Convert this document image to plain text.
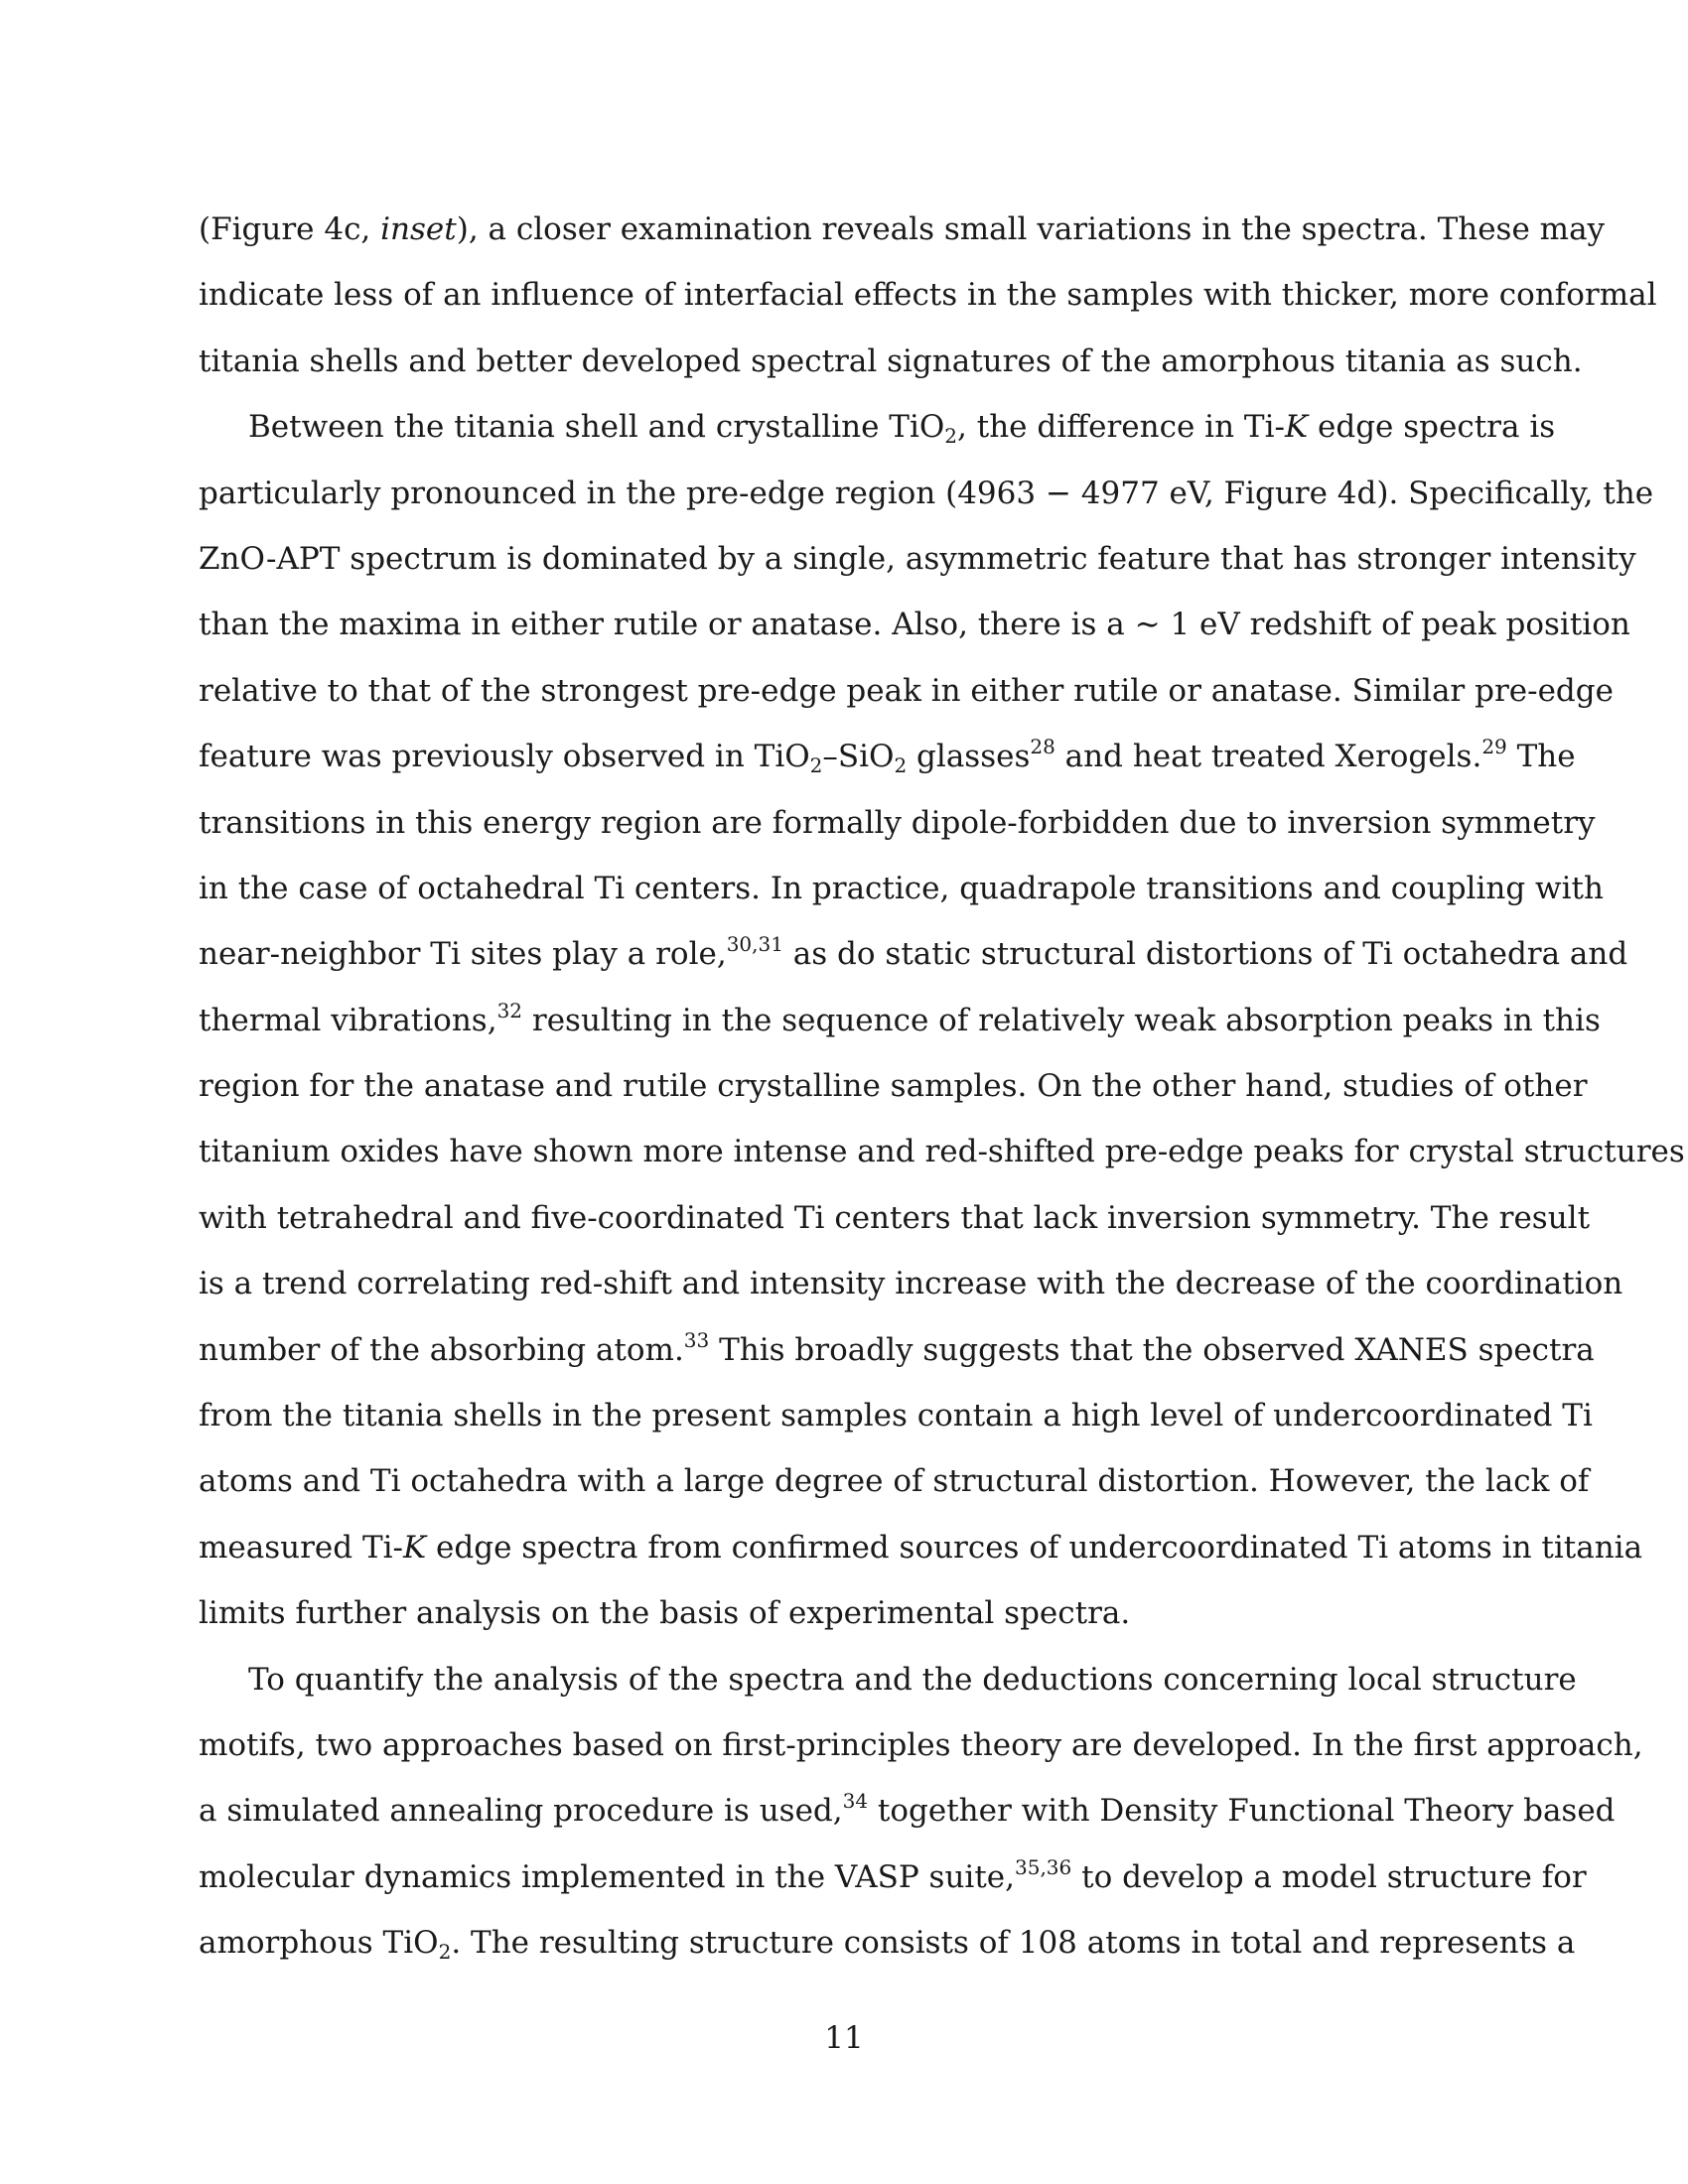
(Figure 4c, inset), a closer examination reveals small variations in the spectra. These may
indicate less of an influence of interfacial effects in the samples with thicker, more conformal
titania shells and better developed spectral signatures of the amorphous titania as such.
Between the titania shell and crystalline TiO$_2$, the difference in Ti-K edge spectra is
particularly pronounced in the pre-edge region (4963 − 4977 eV, Figure 4d). Specifically, the
ZnO-APT spectrum is dominated by a single, asymmetric feature that has stronger intensity
than the maxima in either rutile or anatase. Also, there is a ∼ 1 eV redshift of peak position
relative to that of the strongest pre-edge peak in either rutile or anatase. Similar pre-edge
feature was previously observed in TiO$_2$–SiO$_2$ glasses$^{28}$ and heat treated Xerogels.$^{29}$ The
transitions in this energy region are formally dipole-forbidden due to inversion symmetry
in the case of octahedral Ti centers. In practice, quadrapole transitions and coupling with
near-neighbor Ti sites play a role,$^{30,31}$ as do static structural distortions of Ti octahedra and
thermal vibrations,$^{32}$ resulting in the sequence of relatively weak absorption peaks in this
region for the anatase and rutile crystalline samples. On the other hand, studies of other
titanium oxides have shown more intense and red-shifted pre-edge peaks for crystal structures
with tetrahedral and five-coordinated Ti centers that lack inversion symmetry. The result
is a trend correlating red-shift and intensity increase with the decrease of the coordination
number of the absorbing atom.$^{33}$ This broadly suggests that the observed XANES spectra
from the titania shells in the present samples contain a high level of undercoordinated Ti
atoms and Ti octahedra with a large degree of structural distortion. However, the lack of
measured Ti-K edge spectra from confirmed sources of undercoordinated Ti atoms in titania
limits further analysis on the basis of experimental spectra.
To quantify the analysis of the spectra and the deductions concerning local structure
motifs, two approaches based on first-principles theory are developed. In the first approach,
a simulated annealing procedure is used,$^{34}$ together with Density Functional Theory based
molecular dynamics implemented in the VASP suite,$^{35,36}$ to develop a model structure for
amorphous TiO$_2$. The resulting structure consists of 108 atoms in total and represents a
11
